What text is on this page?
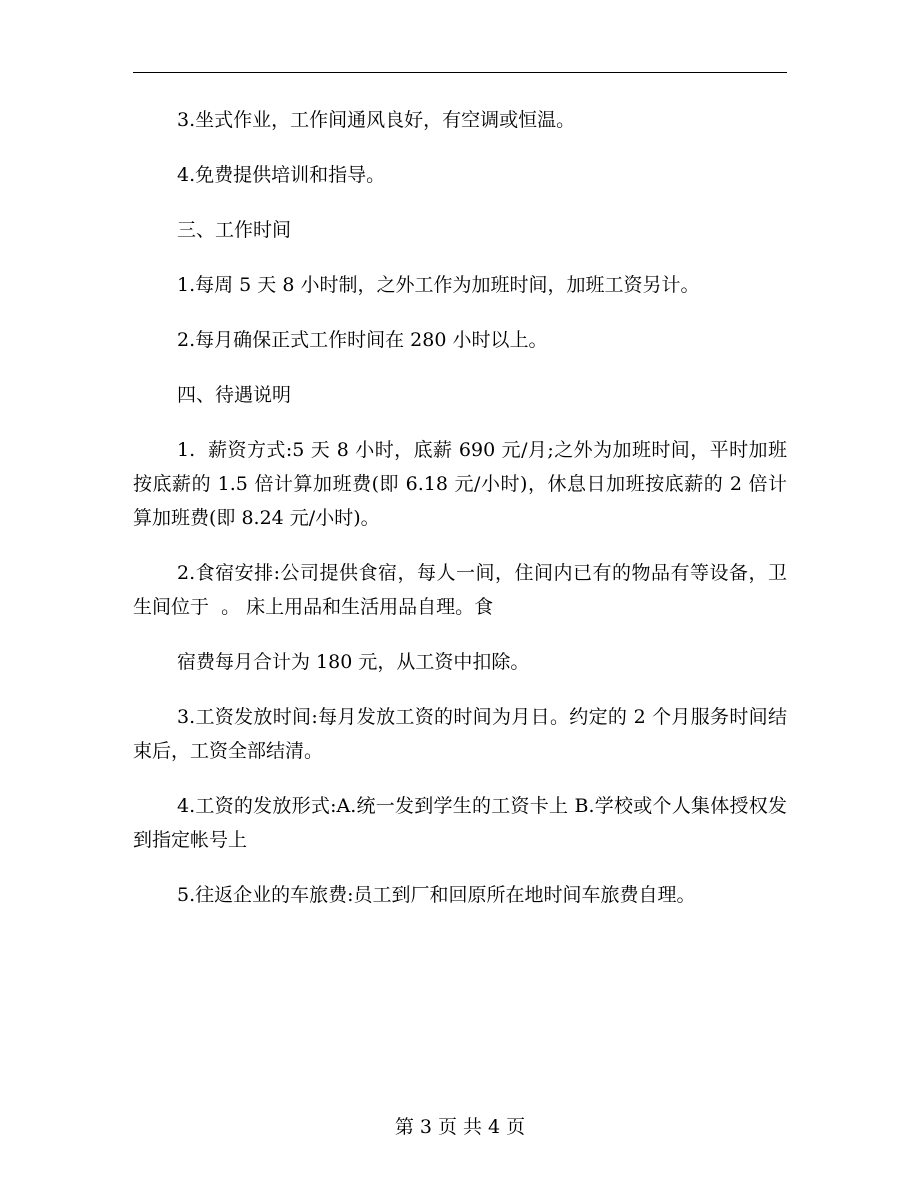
3.坐式作业，工作间通风良好，有空调或恒温。

4.免费提供培训和指导。

三、工作时间

1.每周 5 天 8 小时制，之外工作为加班时间，加班工资另计。

2.每月确保正式工作时间在 280 小时以上。

四、待遇说明

1.  薪资方式:5 天 8 小时，底薪 690 元/月;之外为加班时间，平时加班按底薪的 1.5 倍计算加班费(即 6.18 元/小时)，休息日加班按底薪的 2 倍计算加班费(即 8.24 元/小时)。

2.食宿安排:公司提供食宿，每人一间，住间内已有的物品有等设备，卫生间位于  。 床上用品和生活用品自理。食

宿费每月合计为 180 元，从工资中扣除。

3.工资发放时间:每月发放工资的时间为月日。约定的 2 个月服务时间结束后，工资全部结清。

4.工资的发放形式:A.统一发到学生的工资卡上 B.学校或个人集体授权发到指定帐号上

5.往返企业的车旅费:员工到厂和回原所在地时间车旅费自理。

第 3 页 共 4 页
